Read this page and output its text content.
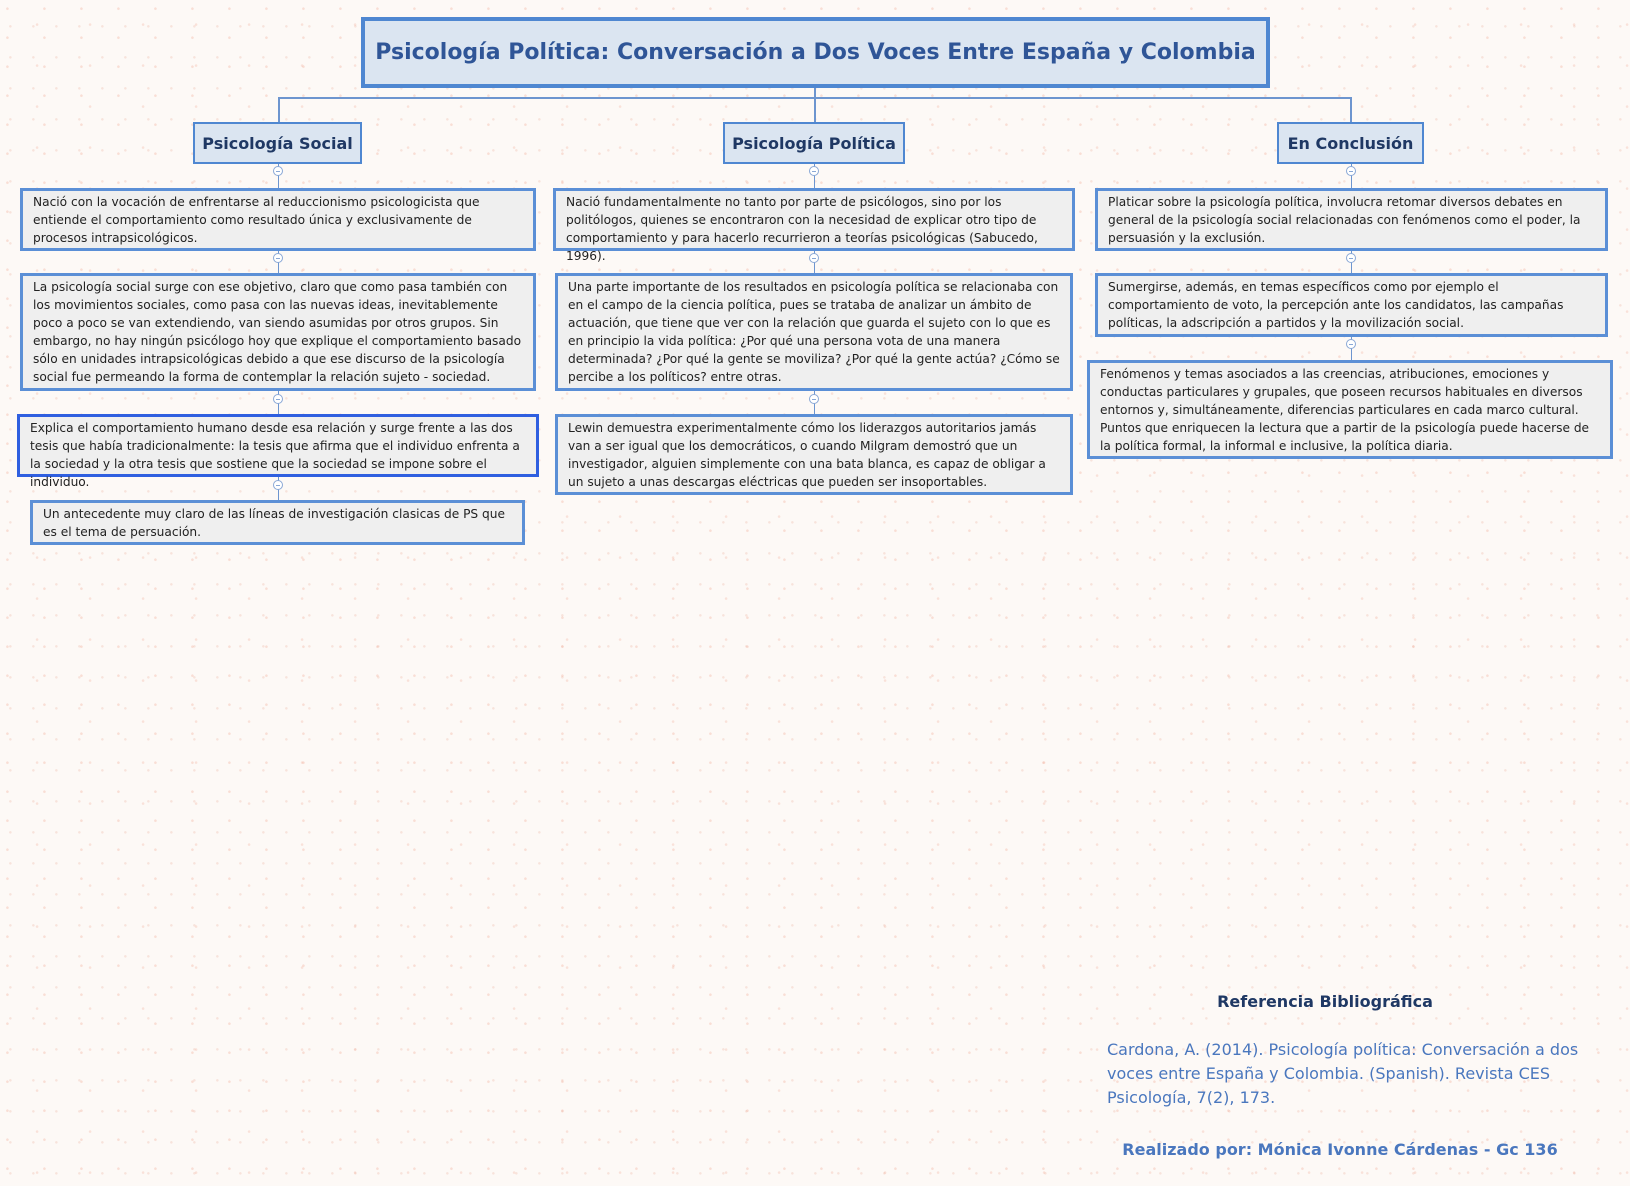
Psicología Política: Conversación a Dos Voces Entre España y Colombia
Psicología Social	Psicología Política	En Conclusión
Nació con la vocación de enfrentarse al reduccionismo psicologicista que entiende el comportamiento como resultado única y exclusivamente de procesos intrapsicológicos.
La psicología social surge con ese objetivo, claro que como pasa también con los movimientos sociales, como pasa con las nuevas ideas, inevitablemente poco a poco se van extendiendo, van siendo asumidas por otros grupos. Sin embargo, no hay ningún psicólogo hoy que explique el comportamiento basado sólo en unidades intrapsicológicas debido a que ese discurso de la psicología social fue permeando la forma de contemplar la relación sujeto - sociedad.
Explica el comportamiento humano desde esa relación y surge frente a las dos tesis que había tradicionalmente: la tesis que afirma que el individuo enfrenta a la sociedad y la otra tesis que sostiene que la sociedad se impone sobre el individuo.
Un antecedente muy claro de las líneas de investigación clasicas de PS que es el tema de persuación.
Nació fundamentalmente no tanto por parte de psicólogos, sino por los politólogos, quienes se encontraron con la necesidad de explicar otro tipo de comportamiento y para hacerlo recurrieron a teorías psicológicas (Sabucedo, 1996).
Una parte importante de los resultados en psicología política se relacionaba con en el campo de la ciencia política, pues se trataba de analizar un ámbito de actuación, que tiene que ver con la relación que guarda el sujeto con lo que es en principio la vida política: ¿Por qué una persona vota de una manera determinada? ¿Por qué la gente se moviliza? ¿Por qué la gente actúa? ¿Cómo se percibe a los políticos? entre otras.
Lewin demuestra experimentalmente cómo los liderazgos autoritarios jamás van a ser igual que los democráticos, o cuando Milgram demostró que un investigador, alguien simplemente con una bata blanca, es capaz de obligar a un sujeto a unas descargas eléctricas que pueden ser insoportables.
Platicar sobre la psicología política, involucra retomar diversos debates en general de la psicología social relacionadas con fenómenos como el poder, la persuasión y la exclusión.
Sumergirse, además, en temas específicos como por ejemplo el comportamiento de voto, la percepción ante los candidatos, las campañas políticas, la adscripción a partidos y la movilización social.
Fenómenos y temas asociados a las creencias, atribuciones, emociones y conductas particulares y grupales, que poseen recursos habituales en diversos entornos y, simultáneamente, diferencias particulares en cada marco cultural. Puntos que enriquecen la lectura que a partir de la psicología puede hacerse de la política formal, la informal e inclusive, la política diaria.
Referencia Bibliográfica
Cardona, A. (2014). Psicología política: Conversación a dos voces entre España y Colombia. (Spanish). Revista CES Psicología, 7(2), 173.
Realizado por: Mónica Ivonne Cárdenas - Gc 136
